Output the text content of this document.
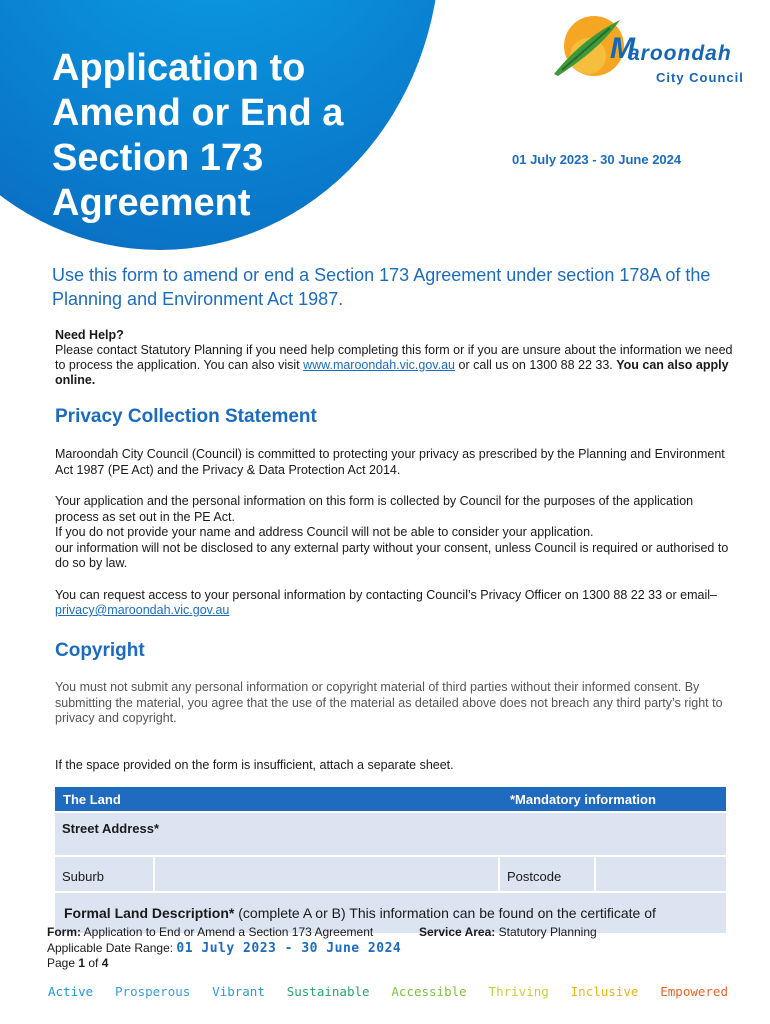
Application to Amend or End a Section 173 Agreement
M
aroondah
City Council
01 July 2023 - 30 June 2024

Use this form to amend or end a Section 173 Agreement under section 178A of the Planning and Environment Act 1987.

Need Help?
Please contact Statutory Planning if you need help completing this form or if you are unsure about the information we need to process the application. You can also visit www.maroondah.vic.gov.au or call us on 1300 88 22 33. You can also apply online.
Privacy Collection Statement

Maroondah City Council (Council) is committed to protecting your privacy as prescribed by the Planning and Environment Act 1987 (PE Act) and the Privacy & Data Protection Act 2014.

Your application and the personal information on this form is collected by Council for the purposes of the application process as set out in the PE Act.
If you do not provide your name and address Council will not be able to consider your application.
our information will not be disclosed to any external party without your consent, unless Council is required or authorised to do so by law.

You can request access to your personal information by contacting Council’s Privacy Officer on 1300 88 22 33 or email– privacy@maroondah.vic.gov.au

Copyright

You must not submit any personal information or copyright material of third parties without their informed consent. By submitting the material, you agree that the use of the material as detailed above does not breach any third party’s right to privacy and copyright.

If the space provided on the form is insufficient, attach a separate sheet.

The Land	*Mandatory information
Street Address*
Suburb	Postcode
Formal Land Description* (complete A or B) This information can be found on the certificate of
Form: Application to End or Amend a Section 173 Agreement	Service Area: Statutory Planning
Applicable Date Range: 01 July 2023 - 30 June 2024
Page 1 of 4
Active Prosperous Vibrant Sustainable Accessible Thriving Inclusive Empowered
